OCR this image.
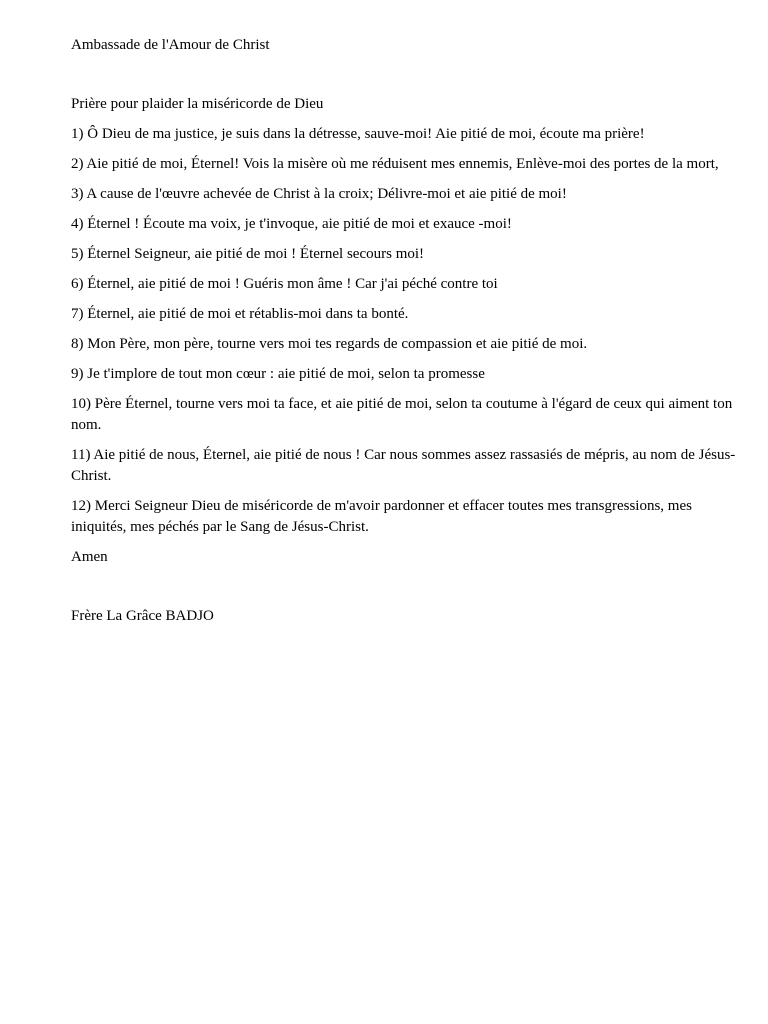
Ambassade de l'Amour de Christ

Prière pour plaider la miséricorde de Dieu

1) Ô Dieu de ma justice, je suis dans la détresse, sauve-moi! Aie pitié de moi, écoute ma prière!

2) Aie pitié de moi, Éternel! Vois la misère où me réduisent mes ennemis, Enlève-moi des portes de la mort,

3) A cause de l'œuvre achevée de Christ à la croix; Délivre-moi et aie pitié de moi!

4) Éternel ! Écoute ma voix, je t'invoque, aie pitié de moi et exauce -moi!

5) Éternel Seigneur, aie pitié de moi ! Éternel secours moi!

6) Éternel, aie pitié de moi ! Guéris mon âme ! Car j'ai péché contre toi

7) Éternel, aie pitié de moi et rétablis-moi dans ta bonté.

8) Mon Père, mon père, tourne vers moi tes regards de compassion et aie pitié de moi.

9) Je t'implore de tout mon cœur : aie pitié de moi, selon ta promesse

10) Père Éternel, tourne vers moi ta face, et aie pitié de moi, selon ta coutume à l'égard de ceux qui aiment ton nom.

11) Aie pitié de nous, Éternel, aie pitié de nous ! Car nous sommes assez rassasiés de mépris, au nom de Jésus-Christ.

12) Merci Seigneur Dieu de miséricorde de m'avoir pardonner et effacer toutes mes transgressions, mes iniquités, mes péchés par le Sang de Jésus-Christ.

Amen

Frère La Grâce BADJO
